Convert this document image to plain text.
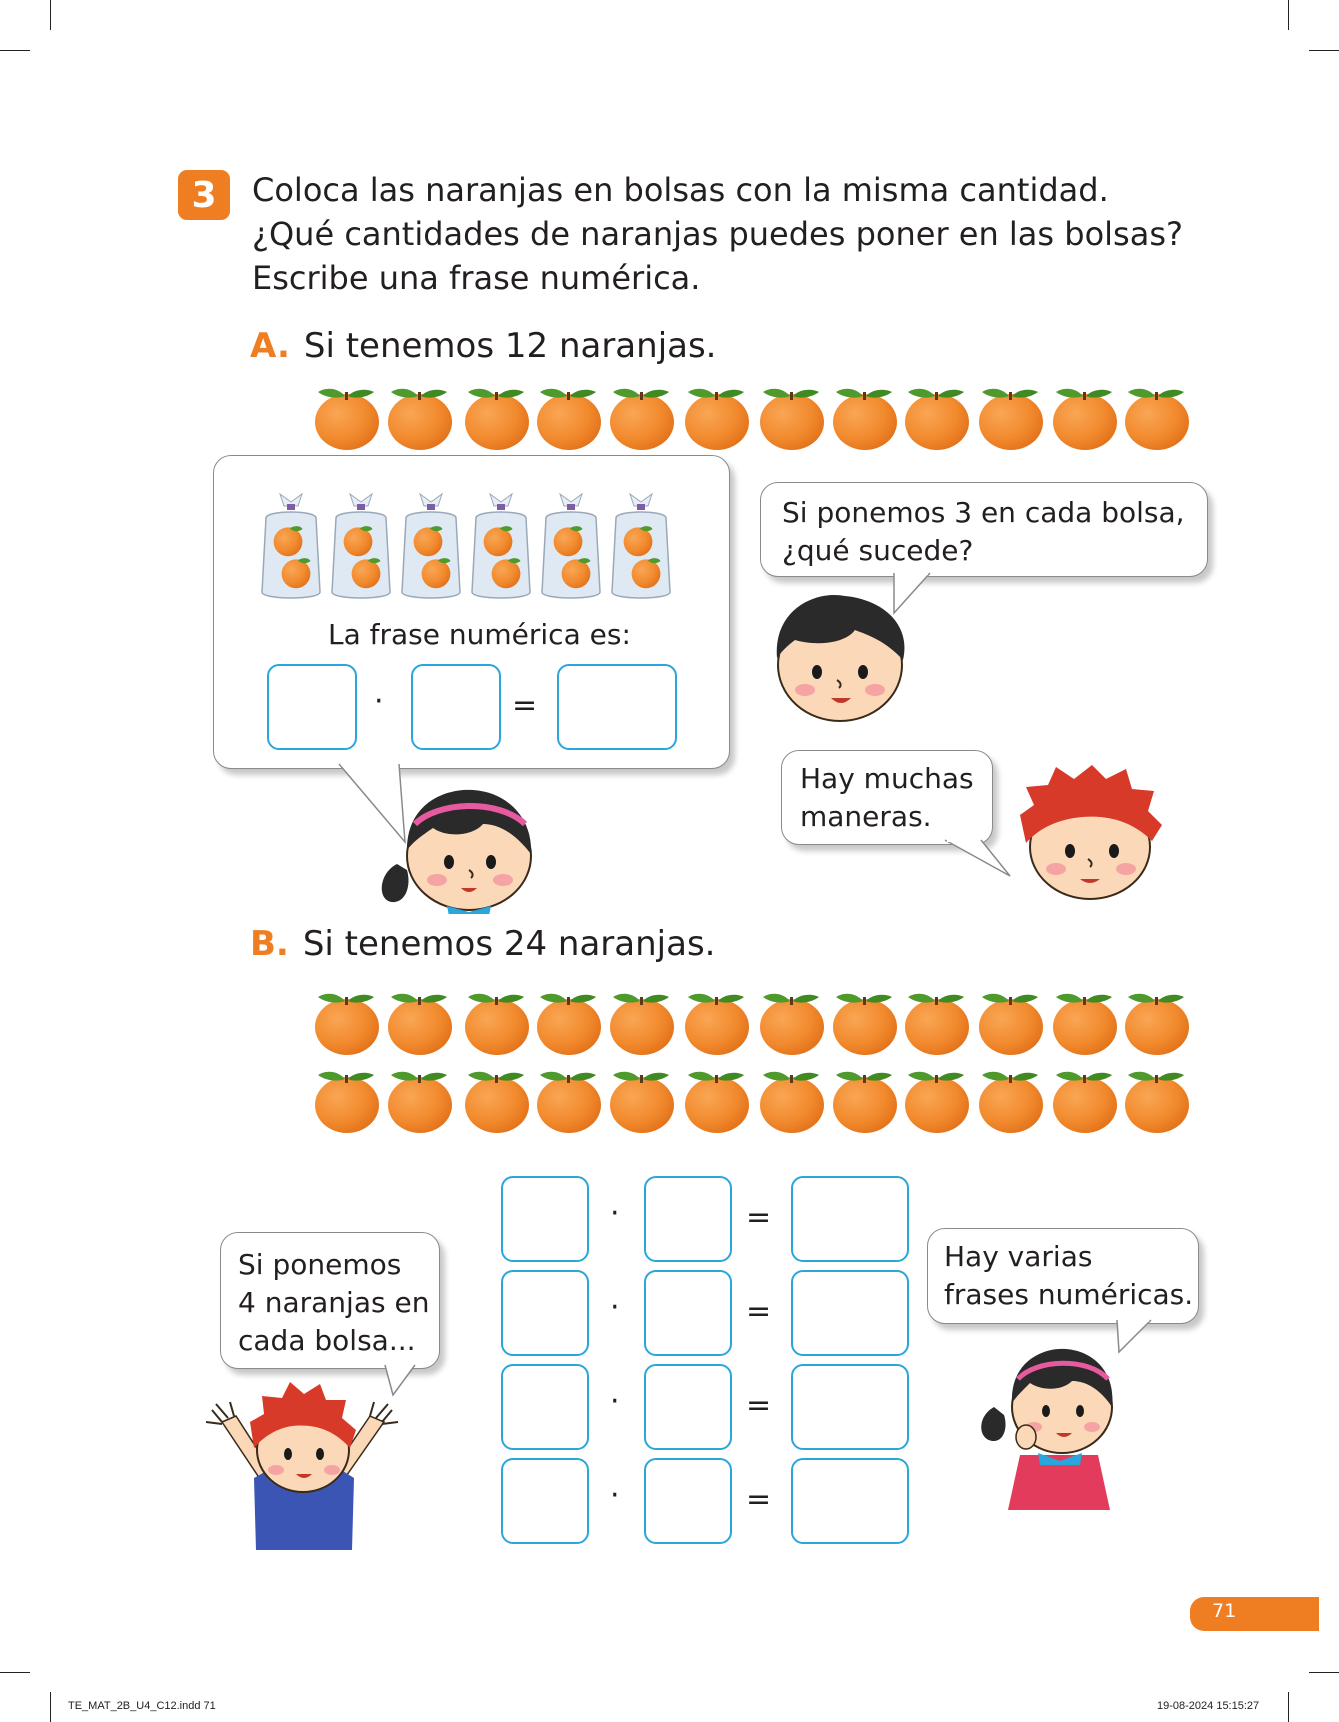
3	Coloca las naranjas en bolsas con la misma cantidad.
¿Qué cantidades de naranjas puedes poner en las bolsas?
Escribe una frase numérica.
A. Si tenemos 12 naranjas.
La frase numérica es:
·	=
Si ponemos 3 en cada bolsa,
¿qué sucede?
Hay muchas
maneras.
B. Si tenemos 24 naranjas.
·	=
·	=
·	=
·	=
Si ponemos
4 naranjas en
cada bolsa...
Hay varias
frases numéricas.
71
TE_MAT_2B_U4_C12.indd 71	19-08-2024 15:15:27
